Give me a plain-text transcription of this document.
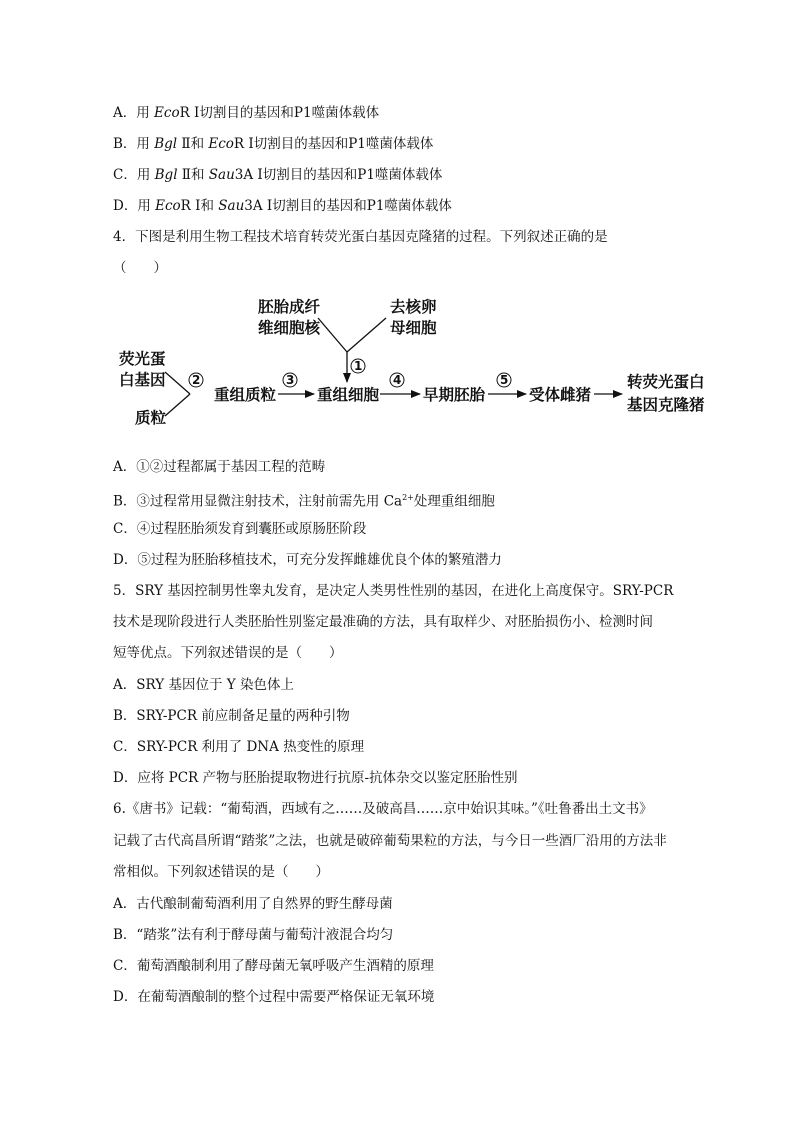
A．用 EcoR Ⅰ切割目的基因和P1噬菌体载体
B．用 Bgl Ⅱ和 EcoR Ⅰ切割目的基因和P1噬菌体载体
C．用 Bgl Ⅱ和 Sau3A Ⅰ切割目的基因和P1噬菌体载体
D．用 EcoR Ⅰ和 Sau3A Ⅰ切割目的基因和P1噬菌体载体
4．下图是利用生物工程技术培育转荧光蛋白基因克隆猪的过程。下列叙述正确的是
（　　）
胚胎成纤
维细胞核
去核卵
母细胞
1
荧光蛋
白基因
质粒
2
重组质粒
3
重组细胞
4
早期胚胎
5
受体雌猪
转荧光蛋白
基因克隆猪
A．①②过程都属于基因工程的范畴
B．③过程常用显微注射技术，注射前需先用 $Ca^{2+}$处理重组细胞
C．④过程胚胎须发育到囊胚或原肠胚阶段
D．⑤过程为胚胎移植技术，可充分发挥雌雄优良个体的繁殖潜力
5．SRY 基因控制男性睾丸发育，是决定人类男性性别的基因，在进化上高度保守。SRY-PCR
技术是现阶段进行人类胚胎性别鉴定最准确的方法，具有取样少、对胚胎损伤小、检测时间
短等优点。下列叙述错误的是（　　）
A．SRY 基因位于 Y 染色体上
B．SRY-PCR 前应制备足量的两种引物
C．SRY-PCR 利用了 DNA 热变性的原理
D．应将 PCR 产物与胚胎提取物进行抗原-抗体杂交以鉴定胚胎性别
6.《唐书》记载：“葡萄酒，西域有之……及破高昌……京中始识其味。”《吐鲁番出土文书》
记载了古代高昌所谓“踏浆”之法，也就是破碎葡萄果粒的方法，与今日一些酒厂沿用的方法非
常相似。下列叙述错误的是（　　）
A．古代酿制葡萄酒利用了自然界的野生酵母菌
B．“踏浆”法有利于酵母菌与葡萄汁液混合均匀
C．葡萄酒酿制利用了酵母菌无氧呼吸产生酒精的原理
D．在葡萄酒酿制的整个过程中需要严格保证无氧环境
